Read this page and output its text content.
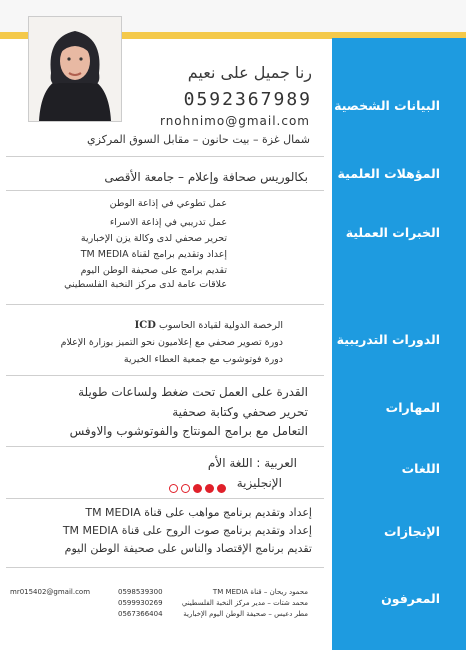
البيانات الشخصية
المؤهلات العلمية
الخبرات العملية
الدورات التدريبية
المهارات
اللغات
الإنجازات
المعرفون
رنا جميل على نعيم
0592367989
rnohnimo@gmail.com
شمال غزة – بيت حانون – مقابل السوق المركزي
بكالوريس صحافة وإعلام – جامعة الأقصى
عمل تطوعي في إذاعة الوطن
عمل تدريبي في إذاعة الاسراء
تحرير صحفي لدى وكالة يزن الإخبارية
إعداد وتقديم برامج لقناة TM MEDIA
تقديم برامج على صحيفة الوطن اليوم
علاقات عامة لدى مركز النخبة الفلسطيني
الرخصة الدولية لقيادة الحاسوب ICD
دورة تصوير صحفي مع إعلاميون نحو التميز بوزارة الإعلام
دورة فوتوشوب مع جمعية العطاء الخيرية
القدرة على العمل تحت ضغط ولساعات طويلة
تحرير صحفي وكتابة صحفية
التعامل مع برامج المونتاج والفوتوشوب والاوفس
العربية : اللغة الأم
الإنجليزية
إعداد وتقديم برنامج مواهب على قناة TM MEDIA
إعداد وتقديم برنامج صوت الروح على قناة TM MEDIA
تقديم برنامج الإقتصاد والناس على صحيفة الوطن اليوم
mr015402@gmail.com	محمود ريحان – قناة TM MEDIA
0598539300
محمد شتات – مدير مركز النخبة الفلسطيني
0599930269
مطر دعيس – صحيفة الوطن اليوم الإخبارية
0567366404
